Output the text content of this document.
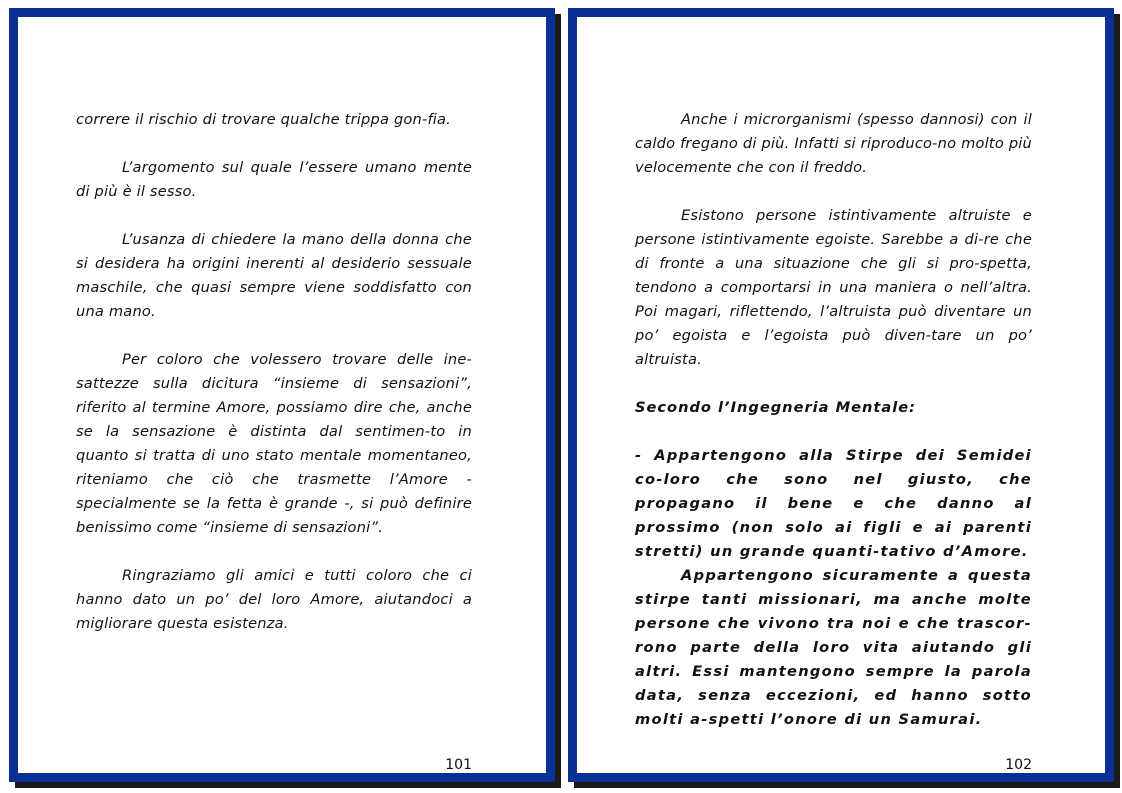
correre il rischio di trovare qualche trippa gon-fia.

L’argomento sul quale l’essere umano mente di più è il sesso.

L’usanza di chiedere la mano della donna che si desidera ha origini inerenti al desiderio sessuale maschile, che quasi sempre viene soddisfatto con una mano.

Per coloro che volessero trovare delle ine-sattezze sulla dicitura “insieme di sensazioni”, riferito al termine Amore, possiamo dire che, anche se la sensazione è distinta dal sentimen-to in quanto si tratta di uno stato mentale momentaneo, riteniamo che ciò che trasmette l’Amore - specialmente se la fetta è grande -, si può definire benissimo come “insieme di sensazioni”.

Ringraziamo gli amici e tutti coloro che ci hanno dato un po’ del loro Amore, aiutandoci a migliorare questa esistenza.

101

Anche i microrganismi (spesso dannosi) con il caldo fregano di più. Infatti si riproduco-no molto più velocemente che con il freddo.

Esistono persone istintivamente altruiste e persone istintivamente egoiste. Sarebbe a di-re che di fronte a una situazione che gli si pro-spetta, tendono a comportarsi in una maniera o nell’altra. Poi magari, riflettendo, l’altruista può diventare un po’ egoista e l’egoista può diven-tare un po’ altruista.

Secondo l’Ingegneria Mentale:

- Appartengono alla Stirpe dei Semidei co-loro che sono nel giusto, che propagano il bene e che danno al prossimo (non solo ai figli e ai parenti stretti) un grande quanti-tativo d’Amore.

Appartengono sicuramente a questa stirpe tanti missionari, ma anche molte persone che vivono tra noi e che trascor-rono parte della loro vita aiutando gli altri. Essi mantengono sempre la parola data, senza eccezioni, ed hanno sotto molti a-spetti l’onore di un Samurai.

102
